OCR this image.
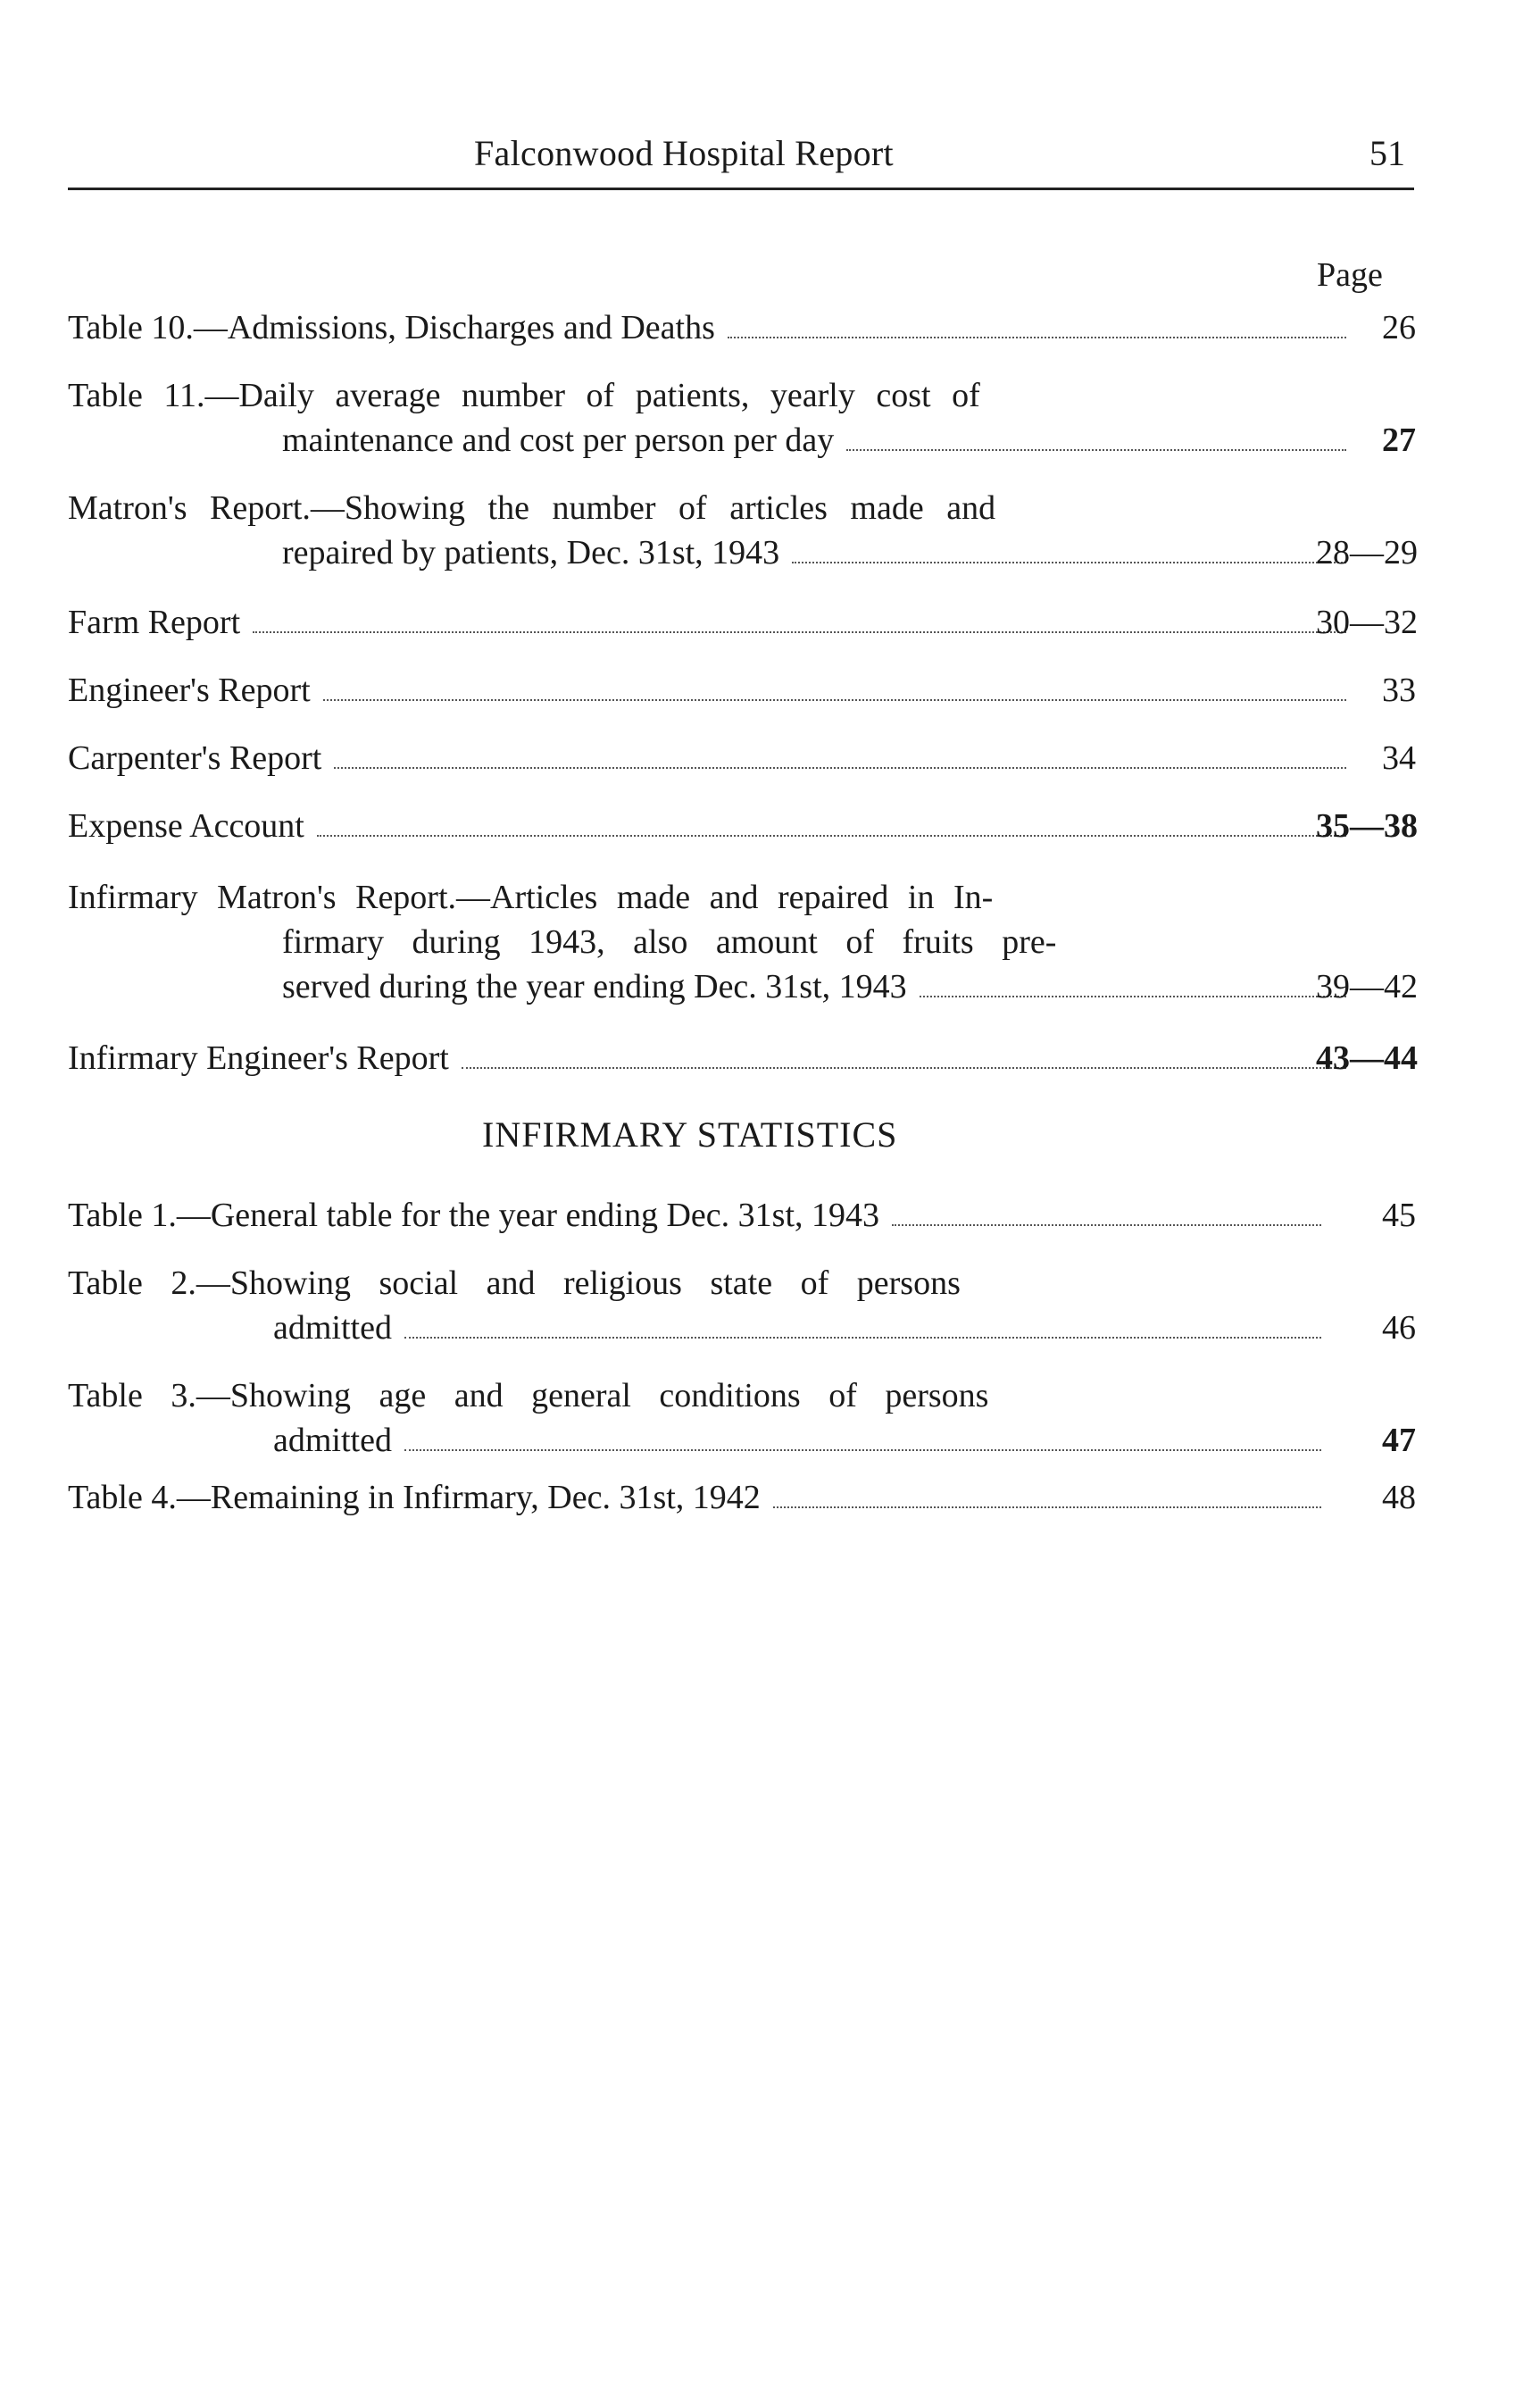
Falconwood Hospital Report	51
Page
Table 10.—Admissions, Discharges and Deaths	26
Table 11.—Daily average number of patients, yearly cost of
maintenance and cost per person per day	27
Matron's Report.—Showing the number of articles made and
repaired by patients, Dec. 31st, 1943	28—29
Farm Report	30—32
Engineer's Report	33
Carpenter's Report	34
Expense Account	35—38
Infirmary Matron's Report.—Articles made and repaired in In-
firmary during 1943, also amount of fruits pre-
served during the year ending Dec. 31st, 1943	39—42
Infirmary Engineer's Report	43—44
INFIRMARY STATISTICS
Table 1.—General table for the year ending Dec. 31st, 1943	45
Table 2.—Showing social and religious state of persons
admitted	46
Table 3.—Showing age and general conditions of persons
admitted	47
Table 4.—Remaining in Infirmary, Dec. 31st, 1942	48
